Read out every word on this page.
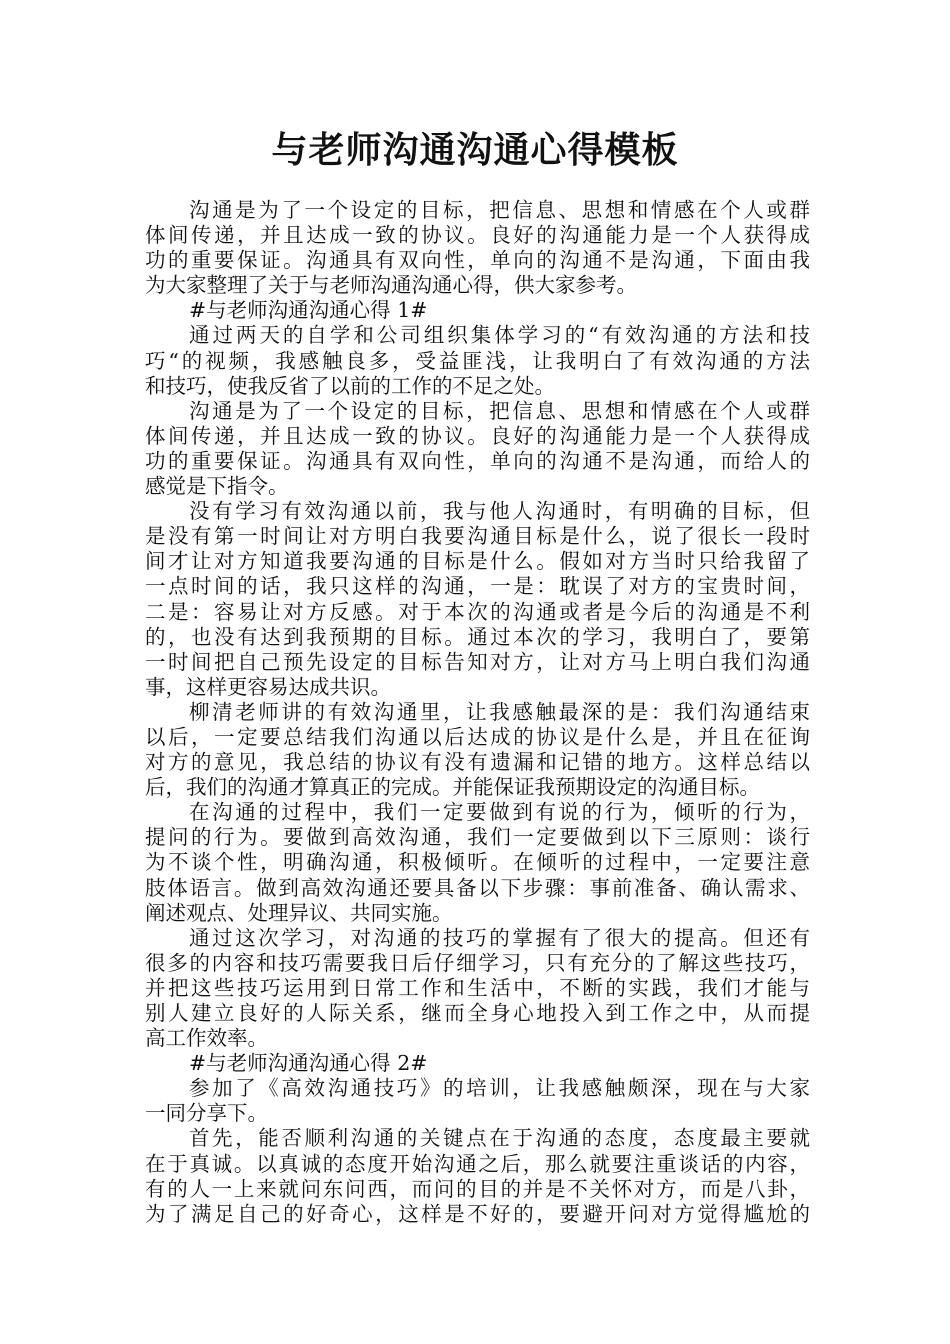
与老师沟通沟通心得模板
沟通是为了一个设定的目标，把信息、思想和情感在个人或群
体间传递，并且达成一致的协议。良好的沟通能力是一个人获得成
功的重要保证。沟通具有双向性，单向的沟通不是沟通，下面由我
为大家整理了关于与老师沟通沟通心得，供大家参考。
#与老师沟通沟通心得 1#
通过两天的自学和公司组织集体学习的“有效沟通的方法和技
巧“的视频，我感触良多，受益匪浅，让我明白了有效沟通的方法
和技巧，使我反省了以前的工作的不足之处。
沟通是为了一个设定的目标，把信息、思想和情感在个人或群
体间传递，并且达成一致的协议。良好的沟通能力是一个人获得成
功的重要保证。沟通具有双向性，单向的沟通不是沟通，而给人的
感觉是下指令。
没有学习有效沟通以前，我与他人沟通时，有明确的目标，但
是没有第一时间让对方明白我要沟通目标是什么，说了很长一段时
间才让对方知道我要沟通的目标是什么。假如对方当时只给我留了
一点时间的话，我只这样的沟通，一是：耽误了对方的宝贵时间，
二是：容易让对方反感。对于本次的沟通或者是今后的沟通是不利
的，也没有达到我预期的目标。通过本次的学习，我明白了，要第
一时间把自己预先设定的目标告知对方，让对方马上明白我们沟通
事，这样更容易达成共识。
柳清老师讲的有效沟通里，让我感触最深的是：我们沟通结束
以后，一定要总结我们沟通以后达成的协议是什么是，并且在征询
对方的意见，我总结的协议有没有遗漏和记错的地方。这样总结以
后，我们的沟通才算真正的完成。并能保证我预期设定的沟通目标。
在沟通的过程中，我们一定要做到有说的行为，倾听的行为，
提问的行为。要做到高效沟通，我们一定要做到以下三原则：谈行
为不谈个性，明确沟通，积极倾听。在倾听的过程中，一定要注意
肢体语言。做到高效沟通还要具备以下步骤：事前准备、确认需求、
阐述观点、处理异议、共同实施。
通过这次学习，对沟通的技巧的掌握有了很大的提高。但还有
很多的内容和技巧需要我日后仔细学习，只有充分的了解这些技巧，
并把这些技巧运用到日常工作和生活中，不断的实践，我们才能与
别人建立良好的人际关系，继而全身心地投入到工作之中，从而提
高工作效率。
#与老师沟通沟通心得 2#
参加了《高效沟通技巧》的培训，让我感触颇深，现在与大家
一同分享下。
首先，能否顺利沟通的关键点在于沟通的态度，态度最主要就
在于真诚。以真诚的态度开始沟通之后，那么就要注重谈话的内容，
有的人一上来就问东问西，而问的目的并是不关怀对方，而是八卦，
为了满足自己的好奇心，这样是不好的，要避开问对方觉得尴尬的
